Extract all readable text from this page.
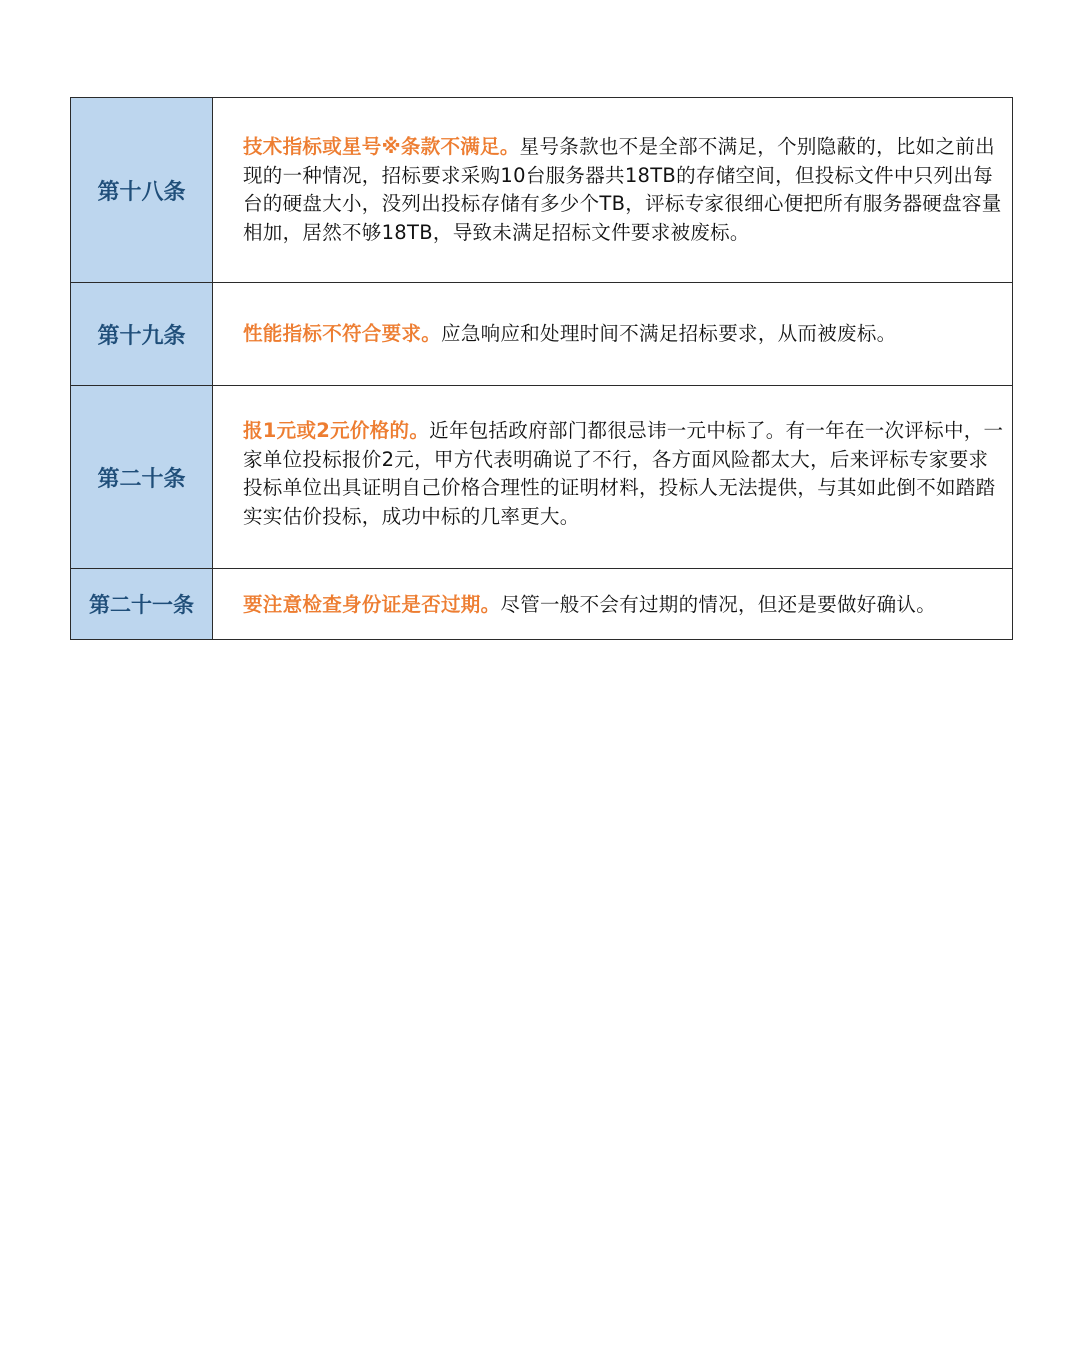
第十八条	技术指标或星号※条款不满足。星号条款也不是全部不满足，个别隐蔽的，比如之前出现的一种情况，招标要求采购10台服务器共18TB的存储空间，但投标文件中只列出每台的硬盘大小，没列出投标存储有多少个TB，评标专家很细心便把所有服务器硬盘容量相加，居然不够18TB，导致未满足招标文件要求被废标。
第十九条	性能指标不符合要求。应急响应和处理时间不满足招标要求，从而被废标。
第二十条	报1元或2元价格的。近年包括政府部门都很忌讳一元中标了。有一年在一次评标中，一家单位投标报价2元，甲方代表明确说了不行，各方面风险都太大，后来评标专家要求投标单位出具证明自己价格合理性的证明材料，投标人无法提供，与其如此倒不如踏踏实实估价投标，成功中标的几率更大。
第二十一条	要注意检查身份证是否过期。尽管一般不会有过期的情况，但还是要做好确认。
